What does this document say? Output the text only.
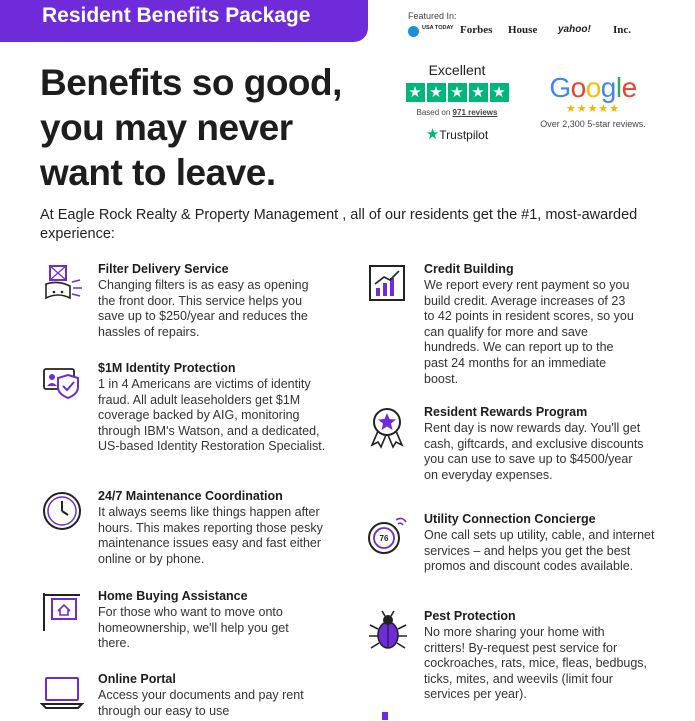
Resident Benefits Package	Featured In:
USA TODAY Forbes House yahoo! Inc.
Benefits so good,
you may never
want to leave.
Excellent
★ ★ ★ ★ ★
Based on 971 reviews
★Trustpilot
Google
★★★★★
Over 2,300 5-star reviews.
At Eagle Rock Realty & Property Management , all of our residents get the #1, most-awarded experience:
Filter Delivery Service
Changing filters is as easy as opening the front door. This service helps you save up to $250/year and reduces the hassles of repairs.
$1M Identity Protection
1 in 4 Americans are victims of identity fraud. All adult leaseholders get $1M coverage backed by AIG, monitoring through IBM's Watson, and a dedicated, US-based Identity Restoration Specialist.
24/7 Maintenance Coordination
It always seems like things happen after hours. This makes reporting those pesky maintenance issues easy and fast either online or by phone.
Home Buying Assistance
For those who want to move onto homeownership, we'll help you get there.
Online Portal
Access your documents and pay rent through our easy to use
Credit Building
We report every rent payment so you build credit. Average increases of 23 to 42 points in resident scores, so you can qualify for more and save hundreds. We can report up to the past 24 months for an immediate boost.
Resident Rewards Program
Rent day is now rewards day. You'll get cash, giftcards, and exclusive discounts you can use to save up to $4500/year on everyday expenses.
76
Utility Connection Concierge
One call sets up utility, cable, and internet services – and helps you get the best promos and discount codes available.
Pest Protection
No more sharing your home with critters! By-request pest service for cockroaches, rats, mice, fleas, bedbugs, ticks, mites, and weevils (limit four services per year).
